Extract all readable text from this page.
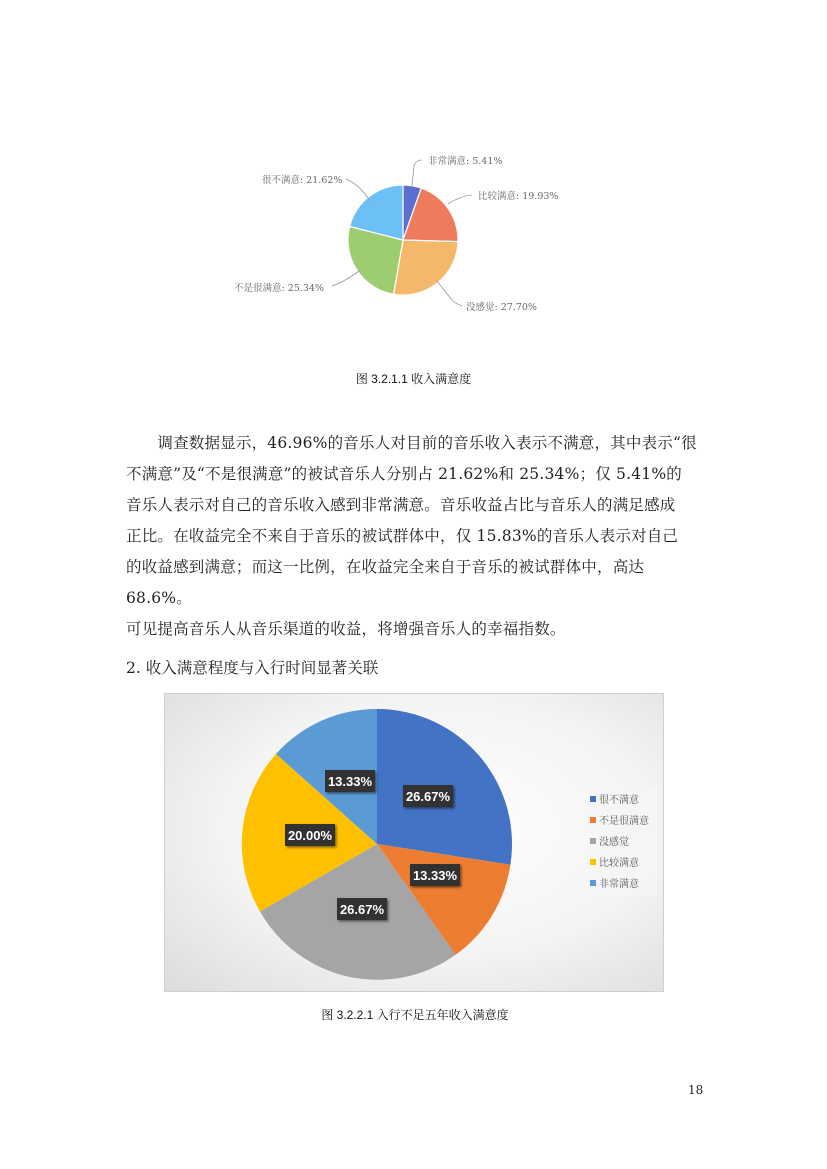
非常满意: 5.41%
比较满意: 19.93%
没感觉: 27.70%
不是很满意: 25.34%
很不满意: 21.62%
图 3.2.1.1 收入满意度

　　调查数据显示，46.96%的音乐人对目前的音乐收入表示不满意，其中表示“很

不满意”及“不是很满意”的被试音乐人分别占 21.62%和 25.34%；仅 5.41%的

音乐人表示对自己的音乐收入感到非常满意。音乐收益占比与音乐人的满足感成

正比。在收益完全不来自于音乐的被试群体中，仅 15.83%的音乐人表示对自己

的收益感到满意；而这一比例，在收益完全来自于音乐的被试群体中，高达 68.6%。

可见提高音乐人从音乐渠道的收益，将增强音乐人的幸福指数。

2. 收入满意程度与入行时间显著关联
26.67%
13.33%
26.67%
20.00%
13.33%
很不满意
不是很满意
没感觉
比较满意
非常满意
图 3.2.2.1 入行不足五年收入满意度
18
